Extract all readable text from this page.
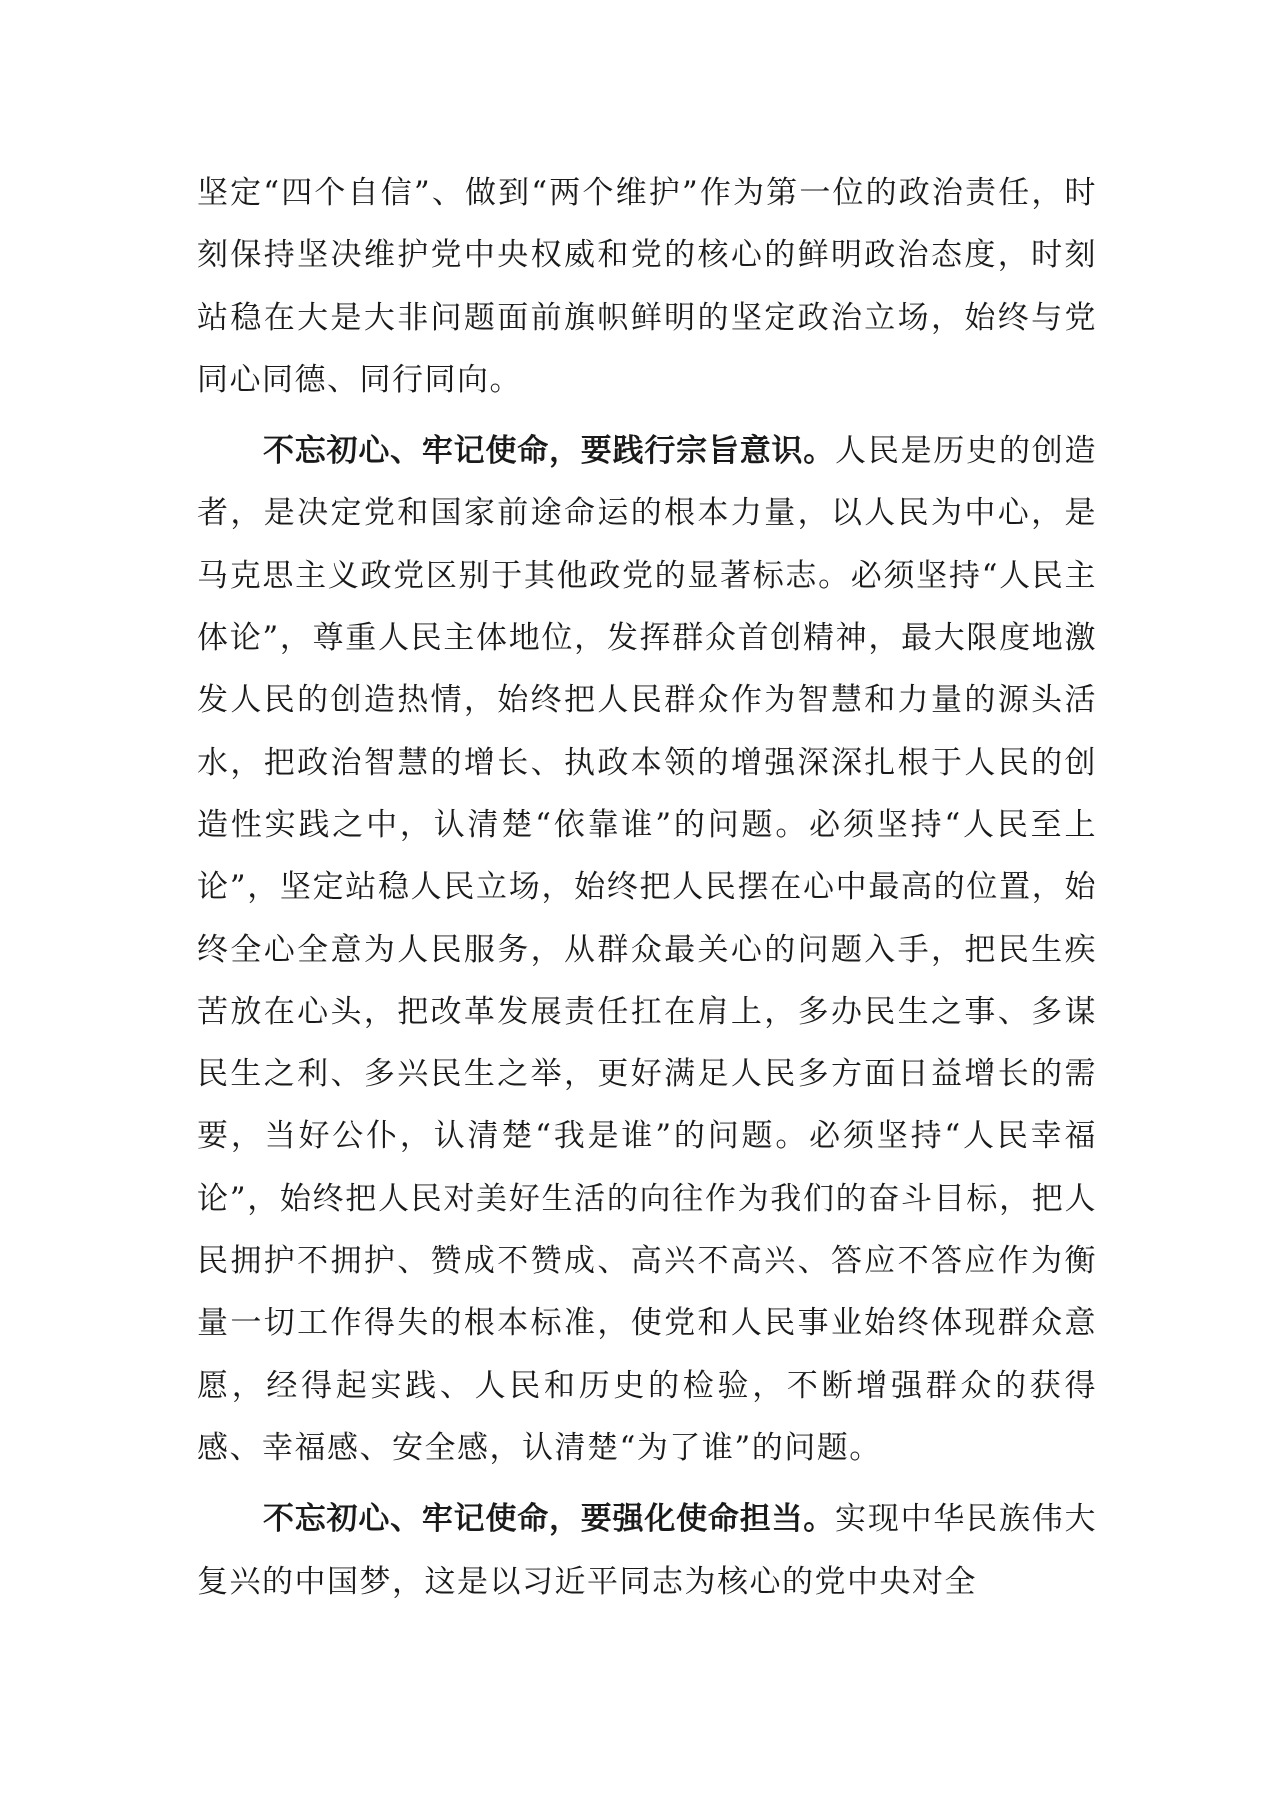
坚定“四个自信”、做到“两个维护”作为第一位的政治责任，时刻保持坚决维护党中央权威和党的核心的鲜明政治态度，时刻站稳在大是大非问题面前旗帜鲜明的坚定政治立场，始终与党同心同德、同行同向。

不忘初心、牢记使命，要践行宗旨意识。人民是历史的创造者，是决定党和国家前途命运的根本力量，以人民为中心，是马克思主义政党区别于其他政党的显著标志。必须坚持“人民主体论”，尊重人民主体地位，发挥群众首创精神，最大限度地激发人民的创造热情，始终把人民群众作为智慧和力量的源头活水，把政治智慧的增长、执政本领的增强深深扎根于人民的创造性实践之中，认清楚“依靠谁”的问题。必须坚持“人民至上论”，坚定站稳人民立场，始终把人民摆在心中最高的位置，始终全心全意为人民服务，从群众最关心的问题入手，把民生疾苦放在心头，把改革发展责任扛在肩上，多办民生之事、多谋民生之利、多兴民生之举，更好满足人民多方面日益增长的需要，当好公仆，认清楚“我是谁”的问题。必须坚持“人民幸福论”，始终把人民对美好生活的向往作为我们的奋斗目标，把人民拥护不拥护、赞成不赞成、高兴不高兴、答应不答应作为衡量一切工作得失的根本标准，使党和人民事业始终体现群众意愿，经得起实践、人民和历史的检验，不断增强群众的获得感、幸福感、安全感，认清楚“为了谁”的问题。

不忘初心、牢记使命，要强化使命担当。实现中华民族伟大复兴的中国梦，这是以习近平同志为核心的党中央对全
